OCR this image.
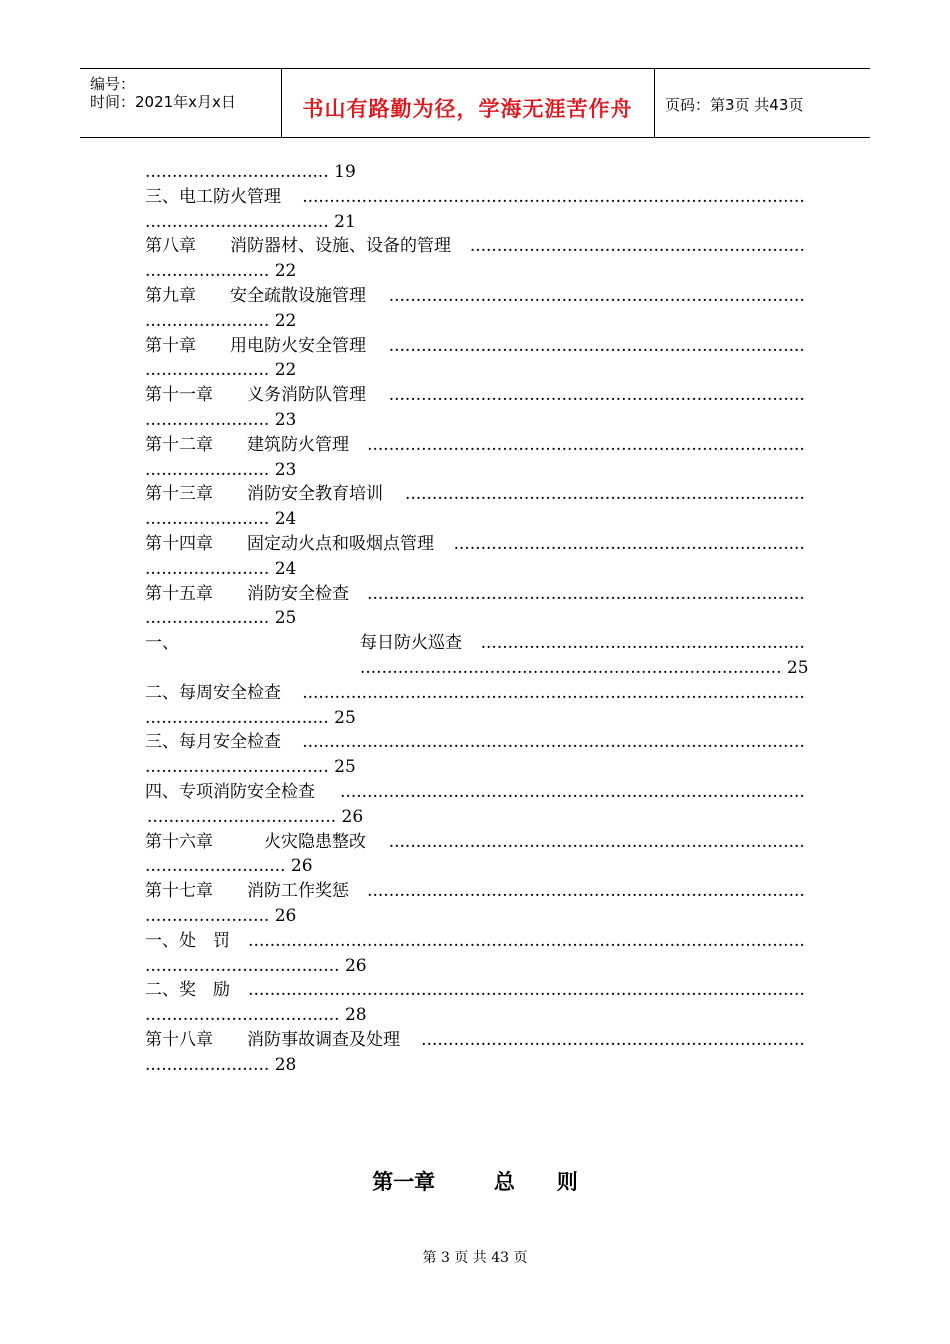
编号：
时间：2021年x月x日	书山有路勤为径，学海无涯苦作舟	页码：第3页 共43页
.................................. 19
三、电工防火管理 .............................................................................................
.................................. 21
第八章　　消防器材、设施、设备的管理 ..............................................................
....................... 22
第九章　　安全疏散设施管理 .............................................................................
....................... 22
第十章　　用电防火安全管理 .............................................................................
....................... 22
第十一章　　义务消防队管理 .............................................................................
....................... 23
第十二章　　建筑防火管理 .................................................................................
....................... 23
第十三章　　消防安全教育培训 ..........................................................................
....................... 24
第十四章　　固定动火点和吸烟点管理 .................................................................
....................... 24
第十五章　　消防安全检查 .................................................................................
....................... 25
一、	每日防火巡查 ............................................................
.............................................................................. 25
二、每周安全检查 .............................................................................................
.................................. 25
三、每月安全检查 .............................................................................................
.................................. 25
四、专项消防安全检查 ......................................................................................
................................... 26
第十六章　　　火灾隐患整改 .............................................................................
.......................... 26
第十七章　　消防工作奖惩 .................................................................................
....................... 26
一、处　罚 .......................................................................................................
.................................... 26
二、奖　励 .......................................................................................................
.................................... 28
第十八章　　消防事故调查及处理 .......................................................................
....................... 28
第一章	总　　则
第 3 页 共 43 页
